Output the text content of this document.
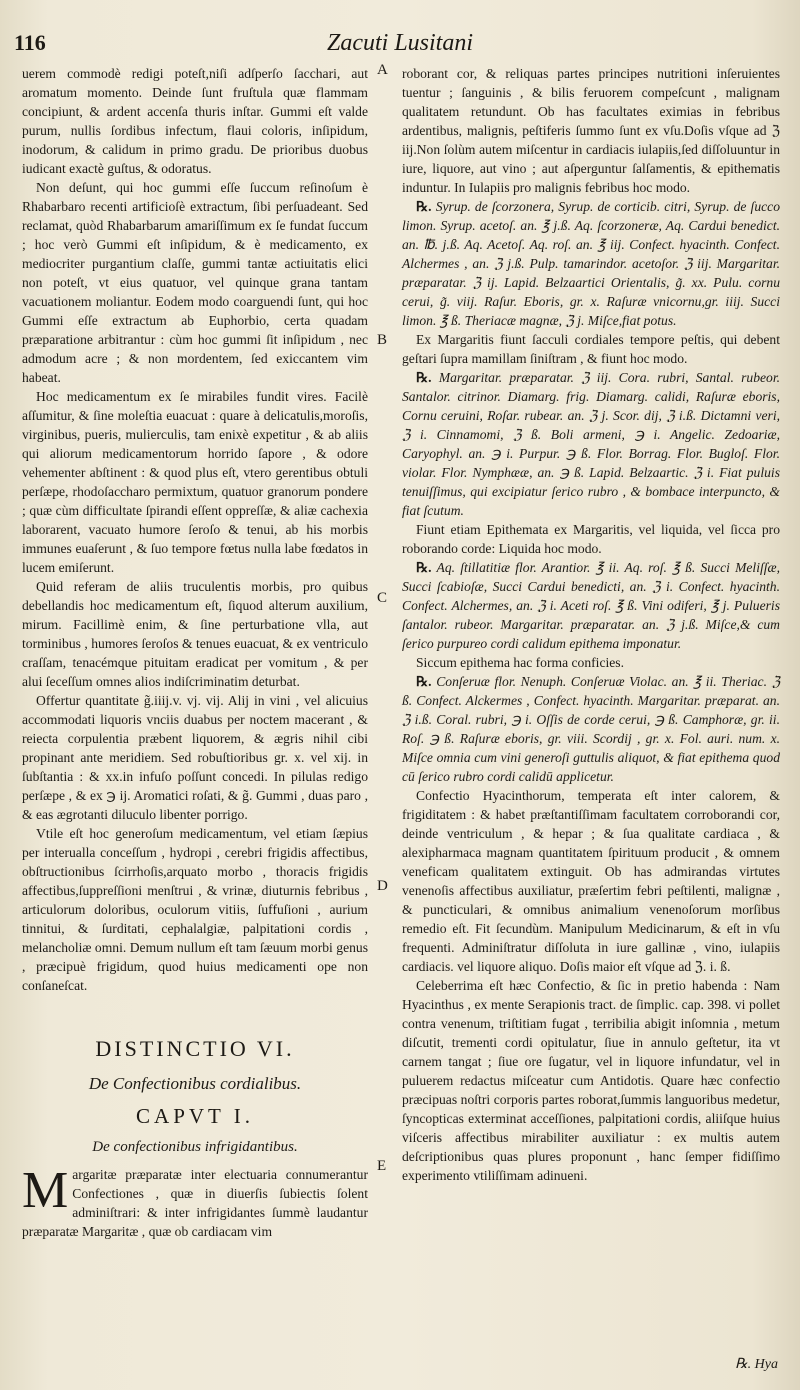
116	Zacuti Lusitani

uerem commodè redigi poteſt,niſi adſperſo ſacchari, aut aromatum momento. Deinde ſunt fruſtula quæ flammam concipiunt, & ardent accenſa thuris inſtar. Gummi eſt valde purum, nullis ſordibus infectum, flaui coloris, inſipidum, inodorum, & calidum in primo gradu. De prioribus duobus iudicant exactè guſtus, & odoratus.

Non deſunt, qui hoc gummi eſſe ſuccum reſinoſum è Rhabarbaro recenti artificioſè extractum, ſibi perſuadeant. Sed reclamat, quòd Rhabarbarum amariſſimum ex ſe fundat ſuccum ; hoc verò Gummi eſt inſipidum, & è medicamento, ex mediocriter purgantium claſſe, gummi tantæ actiuitatis elici non poteſt, vt eius quatuor, vel quinque grana tantam vacuationem moliantur. Eodem modo coarguendi ſunt, qui hoc Gummi eſſe extractum ab Euphorbio, certa quadam præparatione arbitrantur : cùm hoc gummi ſit inſipidum , nec admodum acre ; & non mordentem, ſed exiccantem vim habeat.

Hoc medicamentum ex ſe mirabiles fundit vires. Facilè aſſumitur, & ſine moleſtia euacuat : quare à delicatulis,moroſis, virginibus, pueris, mulierculis, tam enixè expetitur , & ab aliis qui aliorum medicamentorum horrido ſapore , & odore vehementer abſtinent : & quod plus eſt, vtero gerentibus obtuli perſæpe, rhodoſaccharo permixtum, quatuor granorum pondere ; quæ cùm difficultate ſpirandi eſſent oppreſſæ, & aliæ cachexia laborarent, vacuato humore ſeroſo & tenui, ab his morbis immunes euaſerunt , & ſuo tempore fœtus nulla labe fœdatos in lucem emiſerunt.

Quid referam de aliis truculentis morbis, pro quibus debellandis hoc medicamentum eſt, ſiquod alterum auxilium, mirum. Facillimè enim, & ſine perturbatione vlla, aut torminibus , humores ſeroſos & tenues euacuat, & ex ventriculo craſſam, tenacémque pituitam eradicat per vomitum , & per alui ſeceſſum omnes alios indiſcriminatim deturbat.

Offertur quantitate g̃.iiij.v. vj. vij. Alij in vini , vel alicuius accommodati liquoris vnciis duabus per noctem macerant , & reiecta corpulentia præbent liquorem, & ægris nihil cibi propinant ante meridiem. Sed robuſtioribus gr. x. vel xij. in ſubſtantia : & xx.in infuſo poſſunt concedi. In pilulas redigo perſæpe , & ex ℈ ij. Aromatici roſati, & g̃. Gummi , duas paro , & eas ægrotanti diluculo libenter porrigo.

Vtile eſt hoc generoſum medicamentum, vel etiam ſæpius per interualla conceſſum , hydropi , cerebri frigidis affectibus, obſtructionibus ſcirrhoſis,arquato morbo , thoracis frigidis affectibus,ſuppreſſioni menſtrui , & vrinæ, diuturnis febribus , articulorum doloribus, oculorum vitiis, ſuffuſioni , aurium tinnitui, & ſurditati, cephalalgiæ, palpitationi cordis , melancholiæ omni. Demum nullum eſt tam ſæuum morbi genus , præcipuè frigidum, quod huius medicamenti ope non conſaneſcat.

DISTINCTIO VI.
De Confectionibus cordialibus.
CAPVT I.
De confectionibus infrigidantibus.

M argaritæ præparatæ inter electuaria connumerantur Confectiones , quæ in diuerſis ſubiectis ſolent adminiſtrari: & inter infrigidantes ſummè laudantur præparatæ Margaritæ , quæ ob cardiacam vim

A
B
C
D
E

roborant cor, & reliquas partes principes nutritioni inſeruientes tuentur ; ſanguinis , & bilis feruorem compeſcunt , malignam qualitatem retundunt. Ob has facultates eximias in febribus ardentibus, malignis, peſtiferis ſummo ſunt ex vſu.Doſis vſque ad ℨ iij.Non ſolùm autem miſcentur in cardiacis iulapiis,ſed diſſoluuntur in iure, liquore, aut vino ; aut aſperguntur ſalſamentis, & epithematis induntur. In Iulapiis pro malignis febribus hoc modo.

℞. Syrup. de ſcorzonera, Syrup. de corticib. citri, Syrup. de ſucco limon. Syrup. acetoſ. an. ℥ j.ß. Aq. ſcorzoneræ, Aq. Cardui benedict. an. ℔. j.ß. Aq. Acetoſ. Aq. roſ. an. ℥ iij. Confect. hyacinth. Confect. Alchermes , an. ℨ j.ß. Pulp. tamarindor. acetoſor. ℨ iij. Margaritar. præparatar. ℨ ij. Lapid. Belzaartici Orientalis, g̃. xx. Pulu. cornu cerui, g̃. viij. Raſur. Eboris, gr. x. Raſuræ vnicornu,gr. iiij. Succi limon. ℥ ß. Theriacæ magnæ, ℨ j. Miſce,fiat potus.

Ex Margaritis fiunt ſacculi cordiales tempore peſtis, qui debent geſtari ſupra mamillam ſiniſtram , & fiunt hoc modo.

℞. Margaritar. præparatar. ℨ iij. Cora. rubri, Santal. rubeor. Santalor. citrinor. Diamarg. frig. Diamarg. calidi, Raſuræ eboris, Cornu ceruini, Roſar. rubear. an. ℨ j. Scor. dij, ℨ i.ß. Dictamni veri, ℨ i. Cinnamomi, ℨ ß. Boli armeni, ℈ i. Angelic. Zedoariæ, Caryophyl. an. ℈ i. Purpur. ℈ ß. Flor. Borrag. Flor. Bugloſ. Flor. violar. Flor. Nymphææ, an. ℈ ß. Lapid. Belzaartic. ℨ i. Fiat puluis tenuiſſimus, qui excipiatur ſerico rubro , & bombace interpuncto, & fiat ſcutum.

Fiunt etiam Epithemata ex Margaritis, vel liquida, vel ſicca pro roborando corde: Liquida hoc modo.

℞. Aq. ſtillatitiæ flor. Arantior. ℥ ii. Aq. roſ. ℥ ß. Succi Meliſſæ, Succi ſcabioſæ, Succi Cardui benedicti, an. ℨ i. Confect. hyacinth. Confect. Alchermes, an. ℨ i. Aceti roſ. ℥ ß. Vini odiferi, ℥ j. Pulueris ſantalor. rubeor. Margaritar. præparatar. an. ℨ j.ß. Miſce,& cum ſerico purpureo cordi calidum epithema imponatur.

Siccum epithema hac forma conficies.

℞. Conſeruæ flor. Nenuph. Conſeruæ Violac. an. ℥ ii. Theriac. ℨ ß. Confect. Alckermes , Confect. hyacinth. Margaritar. præparat. an. ℨ i.ß. Coral. rubri, ℈ i. Oſſis de corde cerui, ℈ ß. Camphoræ, gr. ii. Roſ. ℈ ß. Raſuræ eboris, gr. viii. Scordij , gr. x. Fol. auri. num. x. Miſce omnia cum vini generoſi guttulis aliquot, & fiat epithema quod cū ſerico rubro cordi calidū applicetur.

Confectio Hyacinthorum, temperata eſt inter calorem, & frigiditatem : & habet præſtantiſſimam facultatem corroborandi cor, deinde ventriculum , & hepar ; & ſua qualitate cardiaca , & alexipharmaca magnam quantitatem ſpirituum producit , & omnem veneficam qualitatem extinguit. Ob has admirandas virtutes venenoſis affectibus auxiliatur, præſertim febri peſtilenti, malignæ , & puncticulari, & omnibus animalium venenoſorum morſibus remedio eſt. Fit ſecundùm. Manipulum Medicinarum, & eſt in vſu frequenti. Adminiſtratur diſſoluta in iure gallinæ , vino, iulapiis cardiacis. vel liquore aliquo. Doſis maior eſt vſque ad ℨ. i. ß.

Celeberrima eſt hæc Confectio, & ſic in pretio habenda : Nam Hyacinthus , ex mente Serapionis tract. de ſimplic. cap. 398. vi pollet contra venenum, triſtitiam fugat , terribilia abigit inſomnia , metum diſcutit, trementi cordi opitulatur, ſiue in annulo geſtetur, ita vt carnem tangat ; ſiue ore ſugatur, vel in liquore infundatur, vel in puluerem redactus miſceatur cum Antidotis. Quare hæc confectio præcipuas noſtri corporis partes roborat,ſummis languoribus medetur, ſyncopticas exterminat acceſſiones, palpitationi cordis, aliiſque huius viſceris affectibus mirabiliter auxiliatur : ex multis autem deſcriptionibus quas plures proponunt , hanc ſemper fidiſſimo experimento vtiliſſimam adinueni.

℞. Hya
